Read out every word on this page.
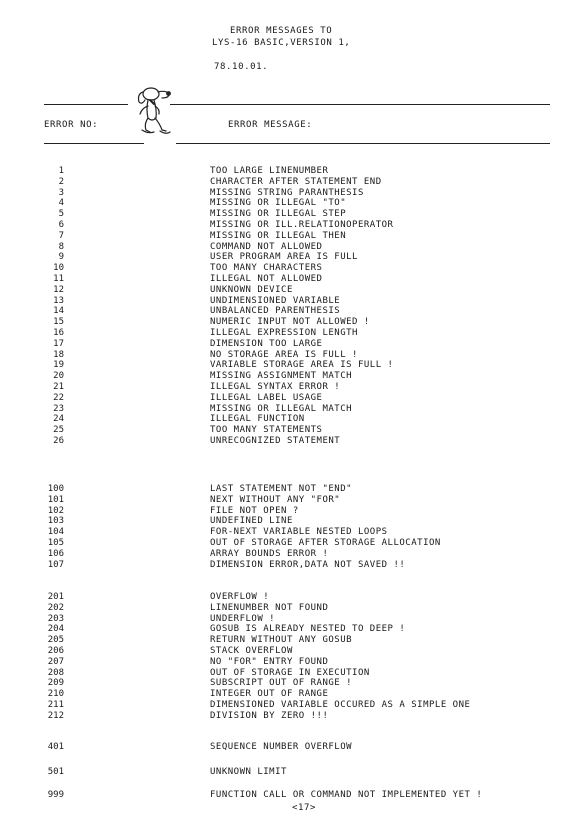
ERROR MESSAGES TO
LYS-16 BASIC,VERSION 1,
78.10.01.
ERROR NO:	ERROR MESSAGE:
1	TOO LARGE LINENUMBER
2	CHARACTER AFTER STATEMENT END
3	MISSING STRING PARANTHESIS
4	MISSING OR ILLEGAL "TO"
5	MISSING OR ILLEGAL STEP
6	MISSING OR ILL.RELATIONOPERATOR
7	MISSING OR ILLEGAL THEN
8	COMMAND NOT ALLOWED
9	USER PROGRAM AREA IS FULL
10	TOO MANY CHARACTERS
11	ILLEGAL NOT ALLOWED
12	UNKNOWN DEVICE
13	UNDIMENSIONED VARIABLE
14	UNBALANCED PARENTHESIS
15	NUMERIC INPUT NOT ALLOWED !
16	ILLEGAL EXPRESSION LENGTH
17	DIMENSION TOO LARGE
18	NO STORAGE AREA IS FULL !
19	VARIABLE STORAGE AREA IS FULL !
20	MISSING ASSIGNMENT MATCH
21	ILLEGAL SYNTAX ERROR !
22	ILLEGAL LABEL USAGE
23	MISSING OR ILLEGAL MATCH
24	ILLEGAL FUNCTION
25	TOO MANY STATEMENTS
26	UNRECOGNIZED STATEMENT
100	LAST STATEMENT NOT "END"
101	NEXT WITHOUT ANY "FOR"
102	FILE NOT OPEN ?
103	UNDEFINED LINE
104	FOR-NEXT VARIABLE NESTED LOOPS
105	OUT OF STORAGE AFTER STORAGE ALLOCATION
106	ARRAY BOUNDS ERROR !
107	DIMENSION ERROR,DATA NOT SAVED !!
201	OVERFLOW !
202	LINENUMBER NOT FOUND
203	UNDERFLOW !
204	GOSUB IS ALREADY NESTED TO DEEP !
205	RETURN WITHOUT ANY GOSUB
206	STACK OVERFLOW
207	NO "FOR" ENTRY FOUND
208	OUT OF STORAGE IN EXECUTION
209	SUBSCRIPT OUT OF RANGE !
210	INTEGER OUT OF RANGE
211	DIMENSIONED VARIABLE OCCURED AS A SIMPLE ONE
212	DIVISION BY ZERO !!!
401	SEQUENCE NUMBER OVERFLOW
501	UNKNOWN LIMIT
999	FUNCTION CALL OR COMMAND NOT IMPLEMENTED YET !
<17>
